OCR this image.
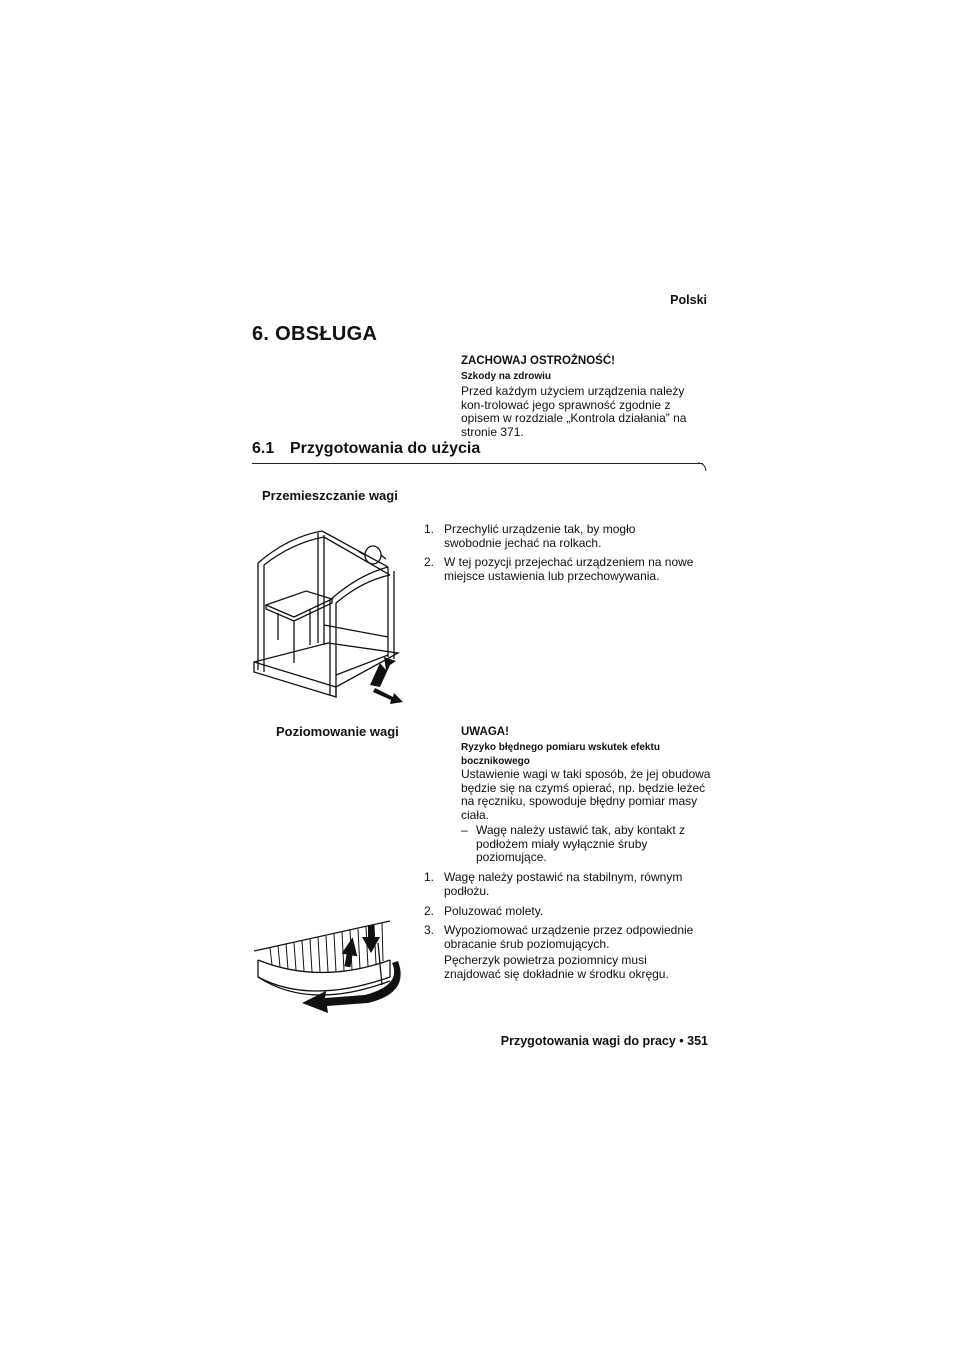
Polski
6. OBSŁUGA
ZACHOWAJ OSTROŻNOŚĆ!
Szkody na zdrowiu
Przed każdym użyciem urządzenia należy kon-trolować jego sprawność zgodnie z opisem w rozdziale „Kontrola działania” na stronie 371.
6.1 Przygotowania do użycia
Przemieszczanie wagi
1. Przechylić urządzenie tak, by mogło swobodnie jechać na rolkach.
2. W tej pozycji przejechać urządzeniem na nowe miejsce ustawienia lub przechowywania.
Poziomowanie wagi	UWAGA!
Ryzyko błędnego pomiaru wskutek efektu bocznikowego
Ustawienie wagi w taki sposób, że jej obudowa będzie się na czymś opierać, np. będzie leżeć na ręczniku, spowoduje błędny pomiar masy ciała.
– Wagę należy ustawić tak, aby kontakt z podłożem miały wyłącznie śruby poziomujące.
1. Wagę należy postawić na stabilnym, równym podłożu.
2. Poluzować molety.
3. Wypoziomować urządzenie przez odpowiednie obracanie śrub poziomujących.
Pęcherzyk powietrza poziomnicy musi znajdować się dokładnie w środku okręgu.
Przygotowania wagi do pracy • 351
